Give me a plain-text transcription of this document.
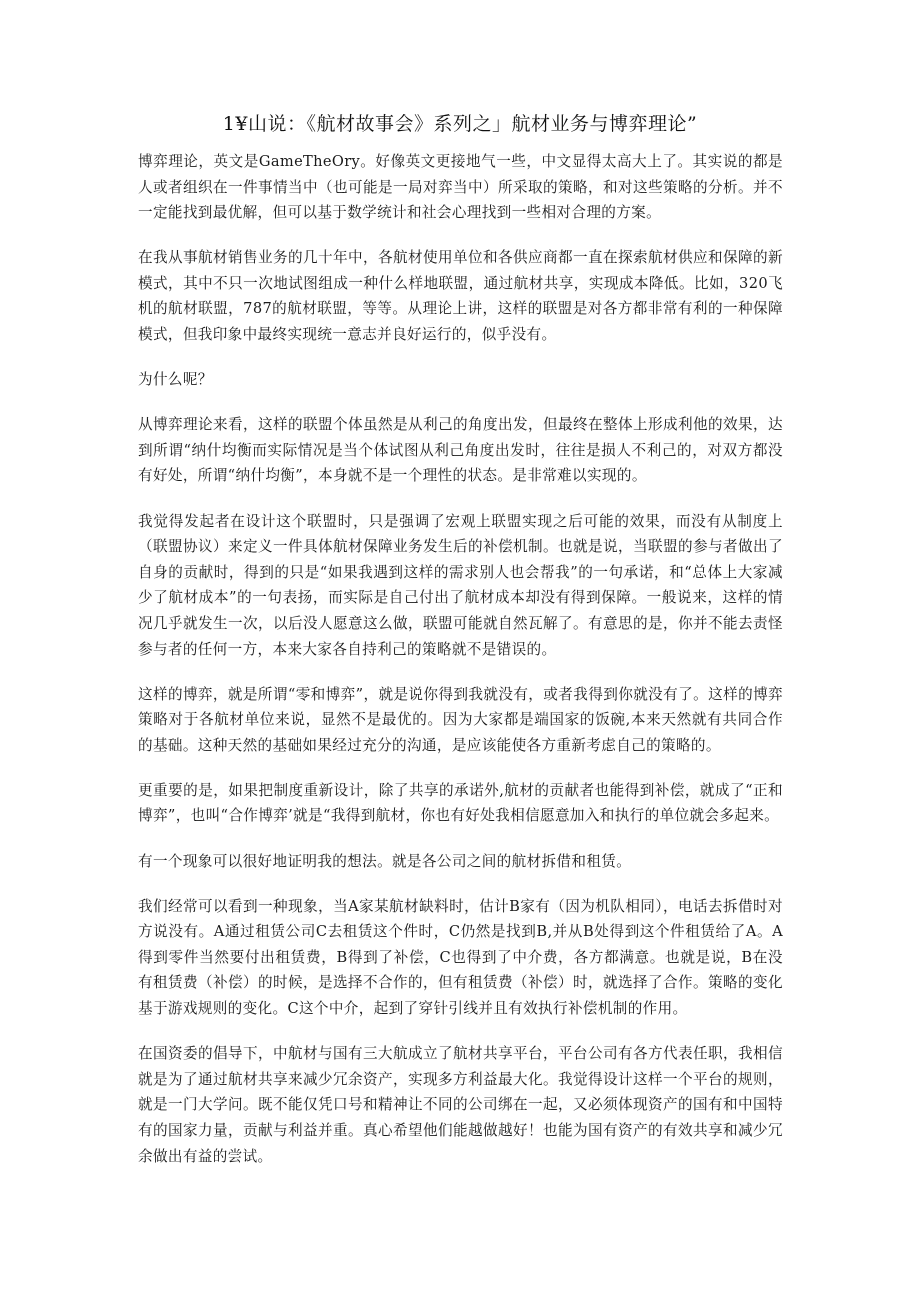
1¥山说：《航材故事会》系列之」航材业务与博弈理论”

博弈理论，英文是GameTheOry。好像英文更接地气一些，中文显得太高大上了。其实说的都是人或者组织在一件事情当中（也可能是一局对弈当中）所采取的策略，和对这些策略的分析。并不一定能找到最优解，但可以基于数学统计和社会心理找到一些相对合理的方案。

在我从事航材销售业务的几十年中，各航材使用单位和各供应商都一直在探索航材供应和保障的新模式，其中不只一次地试图组成一种什么样地联盟，通过航材共享，实现成本降低。比如，320飞机的航材联盟，787的航材联盟，等等。从理论上讲，这样的联盟是对各方都非常有利的一种保障模式，但我印象中最终实现统一意志并良好运行的，似乎没有。

为什么呢？

从博弈理论来看，这样的联盟个体虽然是从利己的角度出发，但最终在整体上形成利他的效果，达到所谓“纳什均衡而实际情况是当个体试图从利己角度出发时，往往是损人不利己的，对双方都没有好处，所谓“纳什均衡”，本身就不是一个理性的状态。是非常难以实现的。

我觉得发起者在设计这个联盟时，只是强调了宏观上联盟实现之后可能的效果，而没有从制度上（联盟协议）来定义一件具体航材保障业务发生后的补偿机制。也就是说，当联盟的参与者做出了自身的贡献时，得到的只是“如果我遇到这样的需求别人也会帮我”的一句承诺，和“总体上大家减少了航材成本”的一句表扬，而实际是自己付出了航材成本却没有得到保障。一般说来，这样的情况几乎就发生一次，以后没人愿意这么做，联盟可能就自然瓦解了。有意思的是，你并不能去责怪参与者的任何一方，本来大家各自持利己的策略就不是错误的。

这样的博弈，就是所谓“零和博弈”，就是说你得到我就没有，或者我得到你就没有了。这样的博弈策略对于各航材单位来说，显然不是最优的。因为大家都是端国家的饭碗,本来天然就有共同合作的基础。这种天然的基础如果经过充分的沟通，是应该能使各方重新考虑自己的策略的。

更重要的是，如果把制度重新设计，除了共享的承诺外,航材的贡献者也能得到补偿，就成了“正和博弈”，也叫“合作博弈’就是“我得到航材，你也有好处我相信愿意加入和执行的单位就会多起来。

有一个现象可以很好地证明我的想法。就是各公司之间的航材拆借和租赁。

我们经常可以看到一种现象，当A家某航材缺料时，估计B家有（因为机队相同），电话去拆借时对方说没有。A通过租赁公司C去租赁这个件时，C仍然是找到B,并从B处得到这个件租赁给了A。A得到零件当然要付出租赁费，B得到了补偿，C也得到了中介费，各方都满意。也就是说，B在没有租赁费（补偿）的时候，是选择不合作的，但有租赁费（补偿）时，就选择了合作。策略的变化基于游戏规则的变化。C这个中介，起到了穿针引线并且有效执行补偿机制的作用。

在国资委的倡导下，中航材与国有三大航成立了航材共享平台，平台公司有各方代表任职，我相信就是为了通过航材共享来减少冗余资产，实现多方利益最大化。我觉得设计这样一个平台的规则，就是一门大学问。既不能仅凭口号和精神让不同的公司绑在一起，又必须体现资产的国有和中国特有的国家力量，贡献与利益并重。真心希望他们能越做越好！也能为国有资产的有效共享和减少冗余做出有益的尝试。
